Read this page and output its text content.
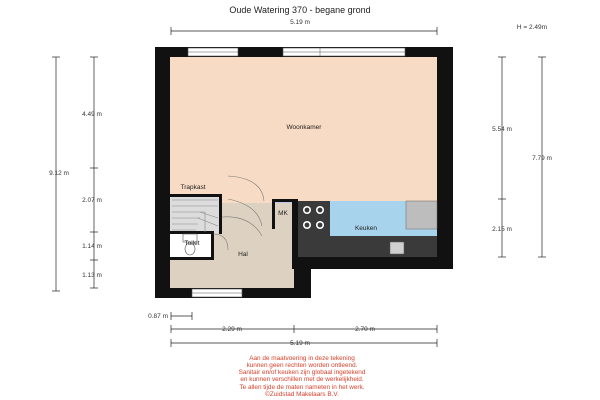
Oude Watering 370 - begane grond
H = 2.49m
5.19 m
Woonkamer
Trapkast
MK
Keuken
Toilet
Hal
4.49 m
2.07 m
1.14 m
1.13 m
9.12 m
5.54 m
2.15 m
7.79 m
0.87 m
2.29 m	2.70 m
5.19 m
Aan de maatvoering in deze tekening
kunnen geen rechten worden ontleend.
Sanitair en/of keuken zijn globaal ingetekend
en kunnen verschillen met de werkelijkheid.
Te allen tijde de maten nameten in het werk.
©Zuidstad Makelaars B.V.
